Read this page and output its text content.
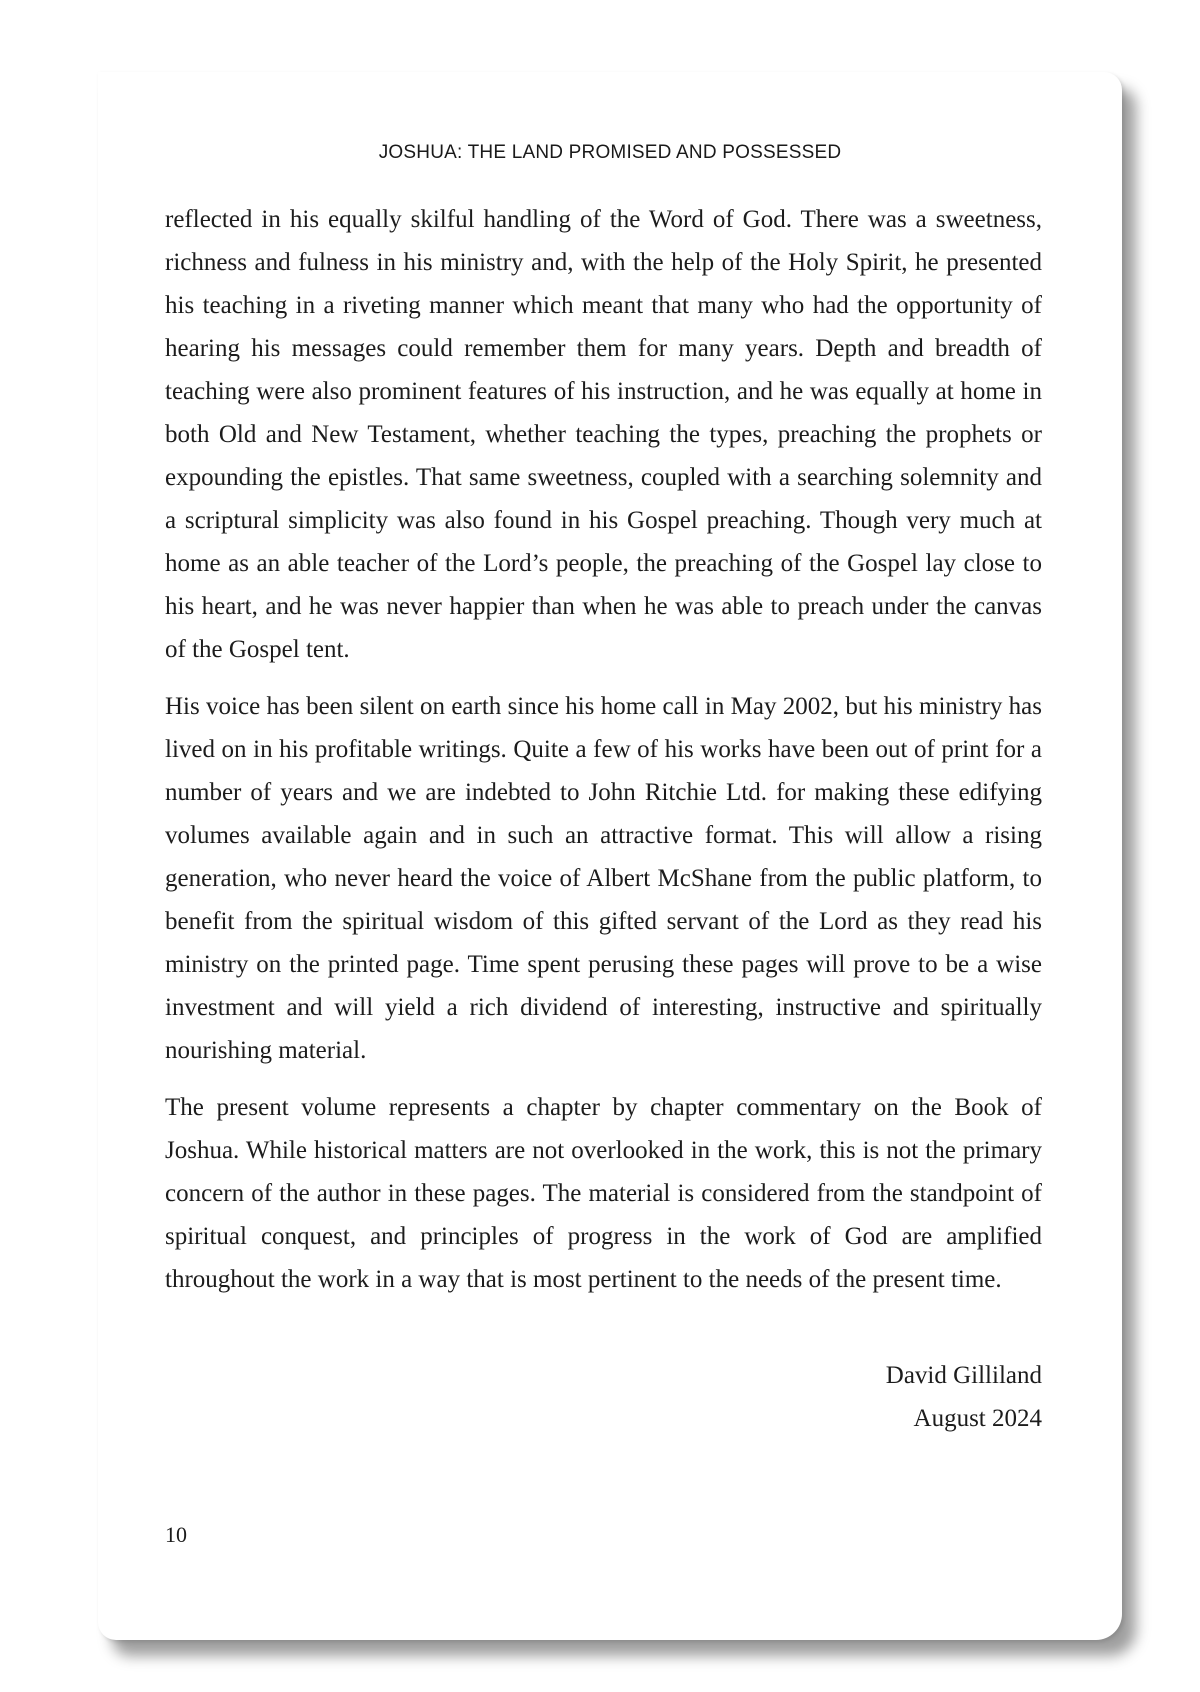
JOSHUA: THE LAND PROMISED AND POSSESSED

reflected in his equally skilful handling of the Word of God. There was a sweetness, richness and fulness in his ministry and, with the help of the Holy Spirit, he presented his teaching in a riveting manner which meant that many who had the opportunity of hearing his messages could remember them for many years. Depth and breadth of teaching were also prominent features of his instruction, and he was equally at home in both Old and New Testament, whether teaching the types, preaching the prophets or expounding the epistles. That same sweetness, coupled with a searching solemnity and a scriptural simplicity was also found in his Gospel preaching. Though very much at home as an able teacher of the Lord’s people, the preaching of the Gospel lay close to his heart, and he was never happier than when he was able to preach under the canvas of the Gospel tent.

His voice has been silent on earth since his home call in May 2002, but his ministry has lived on in his profitable writings. Quite a few of his works have been out of print for a number of years and we are indebted to John Ritchie Ltd. for making these edifying volumes available again and in such an attractive format. This will allow a rising generation, who never heard the voice of Albert McShane from the public platform, to benefit from the spiritual wisdom of this gifted servant of the Lord as they read his ministry on the printed page. Time spent perusing these pages will prove to be a wise investment and will yield a rich dividend of interesting, instructive and spiritually nourishing material.

The present volume represents a chapter by chapter commentary on the Book of Joshua. While historical matters are not overlooked in the work, this is not the primary concern of the author in these pages. The material is considered from the standpoint of spiritual conquest, and principles of progress in the work of God are amplified throughout the work in a way that is most pertinent to the needs of the present time.

David Gilliland
August 2024
10
